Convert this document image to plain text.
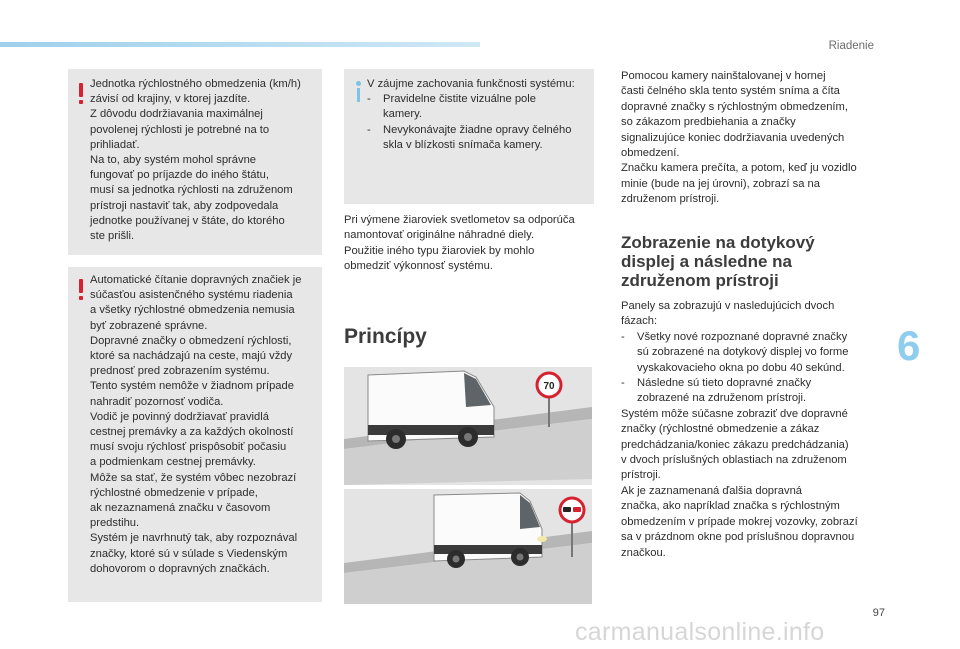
Riadenie
6
97

Jednotka rýchlostného obmedzenia (km/h)

závisí od krajiny, v ktorej jazdíte.

Z dôvodu dodržiavania maximálnej

povolenej rýchlosti je potrebné na to

prihliadať.

Na to, aby systém mohol správne

fungovať po príjazde do iného štátu,

musí sa jednotka rýchlosti na združenom

prístroji nastaviť tak, aby zodpovedala

jednotke používanej v štáte, do ktorého

ste prišli.

Automatické čítanie dopravných značiek je

súčasťou asistenčného systému riadenia

a všetky rýchlostné obmedzenia nemusia

byť zobrazené správne.

Dopravné značky o obmedzení rýchlosti,

ktoré sa nachádzajú na ceste, majú vždy

prednosť pred zobrazením systému.

Tento systém nemôže v žiadnom prípade

nahradiť pozornosť vodiča.

Vodič je povinný dodržiavať pravidlá

cestnej premávky a za každých okolností

musí svoju rýchlosť prispôsobiť počasiu

a podmienkam cestnej premávky.

Môže sa stať, že systém vôbec nezobrazí

rýchlostné obmedzenie v prípade,

ak nezaznamená značku v časovom

predstihu.

Systém je navrhnutý tak, aby rozpoznával

značky, ktoré sú v súlade s Viedenským

dohovorom o dopravných značkách.

V záujme zachovania funkčnosti systému:

- Pravidelne čistite vizuálne pole
kamery.
- Nevykonávajte žiadne opravy čelného
skla v blízkosti snímača kamery.

Pri výmene žiaroviek svetlometov sa odporúča

namontovať originálne náhradné diely.

Použitie iného typu žiaroviek by mohlo

obmedziť výkonnosť systému.

Princípy
70

Pomocou kamery nainštalovanej v hornej

časti čelného skla tento systém sníma a číta

dopravné značky s rýchlostným obmedzením,

so zákazom predbiehania a značky

signalizujúce koniec dodržiavania uvedených

obmedzení.

Značku kamera prečíta, a potom, keď ju vozidlo

minie (bude na jej úrovni), zobrazí sa na

združenom prístroji.

Zobrazenie na dotykový

displej a následne na

združenom prístroji

Panely sa zobrazujú v nasledujúcich dvoch

fázach:

- Všetky nové rozpoznané dopravné značky
sú zobrazené na dotykový displej vo forme
vyskakovacieho okna po dobu 40 sekúnd.
- Následne sú tieto dopravné značky
zobrazené na združenom prístroji.

Systém môže súčasne zobraziť dve dopravné

značky (rýchlostné obmedzenie a zákaz

predchádzania/koniec zákazu predchádzania)

v dvoch príslušných oblastiach na združenom

prístroji.

Ak je zaznamenaná ďalšia dopravná

značka, ako napríklad značka s rýchlostným

obmedzením v prípade mokrej vozovky, zobrazí

sa v prázdnom okne pod príslušnou dopravnou

značkou.

carmanualsonline.info
